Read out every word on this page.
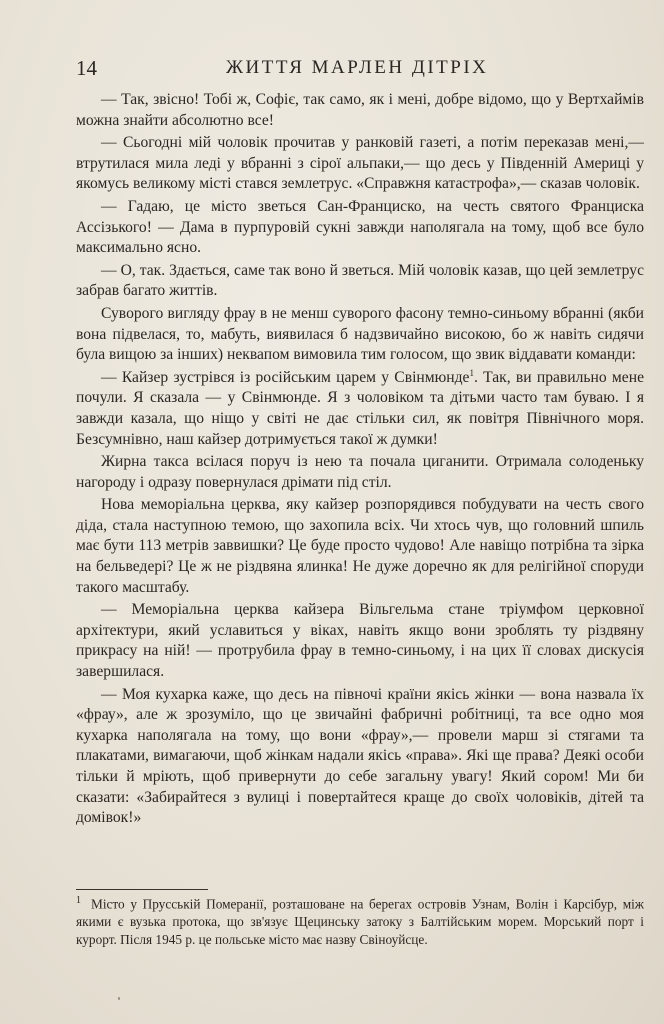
14	ЖИТТЯ МАРЛЕН ДІТРІХ

— Так, звісно! Тобі ж, Софіє, так само, як і мені, добре відомо, що у Вертхаймів можна знайти абсолютно все!

— Сьогодні мій чоловік прочитав у ранковій газеті, а потім переказав мені,— втрутилася мила леді у вбранні з сірої альпаки,— що десь у Південній Америці у якомусь великому місті стався землетрус. «Справжня катастрофа»,— сказав чоловік.

— Гадаю, це місто зветься Сан-Франциско, на честь святого Франциска Ассізького! — Дама в пурпуровій сукні завжди наполягала на тому, щоб все було максимально ясно.

— О, так. Здається, саме так воно й зветься. Мій чоловік казав, що цей землетрус забрав багато життів.

Суворого вигляду фрау в не менш суворого фасону темно-синьому вбранні (якби вона підвелася, то, мабуть, виявилася б надзвичайно високою, бо ж навіть сидячи була вищою за інших) неквапом вимовила тим голосом, що звик віддавати команди:

— Кайзер зустрівся із російським царем у Свінмюнде$^1$. Так, ви правильно мене почули. Я сказала — у Свінмюнде. Я з чоловіком та дітьми часто там буваю. І я завжди казала, що ніщо у світі не дає стільки сил, як повітря Північного моря. Безсумнівно, наш кайзер дотримується такої ж думки!

Жирна такса всілася поруч із нею та почала циганити. Отримала солоденьку нагороду і одразу повернулася дрімати під стіл.

Нова меморіальна церква, яку кайзер розпорядився побудувати на честь свого діда, стала наступною темою, що захопила всіх. Чи хтось чув, що головний шпиль має бути 113 метрів заввишки? Це буде просто чудово! Але навіщо потрібна та зірка на бельведері? Це ж не різдвяна ялинка! Не дуже доречно як для релігійної споруди такого масштабу.

— Меморіальна церква кайзера Вільгельма стане тріумфом церковної архітектури, який уславиться у віках, навіть якщо вони зроблять ту різдвяну прикрасу на ній! — протрубила фрау в темно-синьому, і на цих її словах дискусія завершилася.

— Моя кухарка каже, що десь на півночі країни якісь жінки — вона назвала їх «фрау», але ж зрозуміло, що це звичайні фабричні робітниці, та все одно моя кухарка наполягала на тому, що вони «фрау»,— провели марш зі стягами та плакатами, вимагаючи, щоб жінкам надали якісь «права». Які ще права? Деякі особи тільки й мріють, щоб привернути до себе загальну увагу! Який сором! Ми би сказати: «Забирайтеся з вулиці і повертайтеся краще до своїх чоловіків, дітей та домівок!»

$^1$ Місто у Прусській Померанії, розташоване на берегах островів Узнам, Волін і Карсібур, між якими є вузька протока, що зв'язує Щецинську затоку з Балтійським морем. Морський порт і курорт. Після 1945 р. це польське місто має назву Свіноуйсце.
